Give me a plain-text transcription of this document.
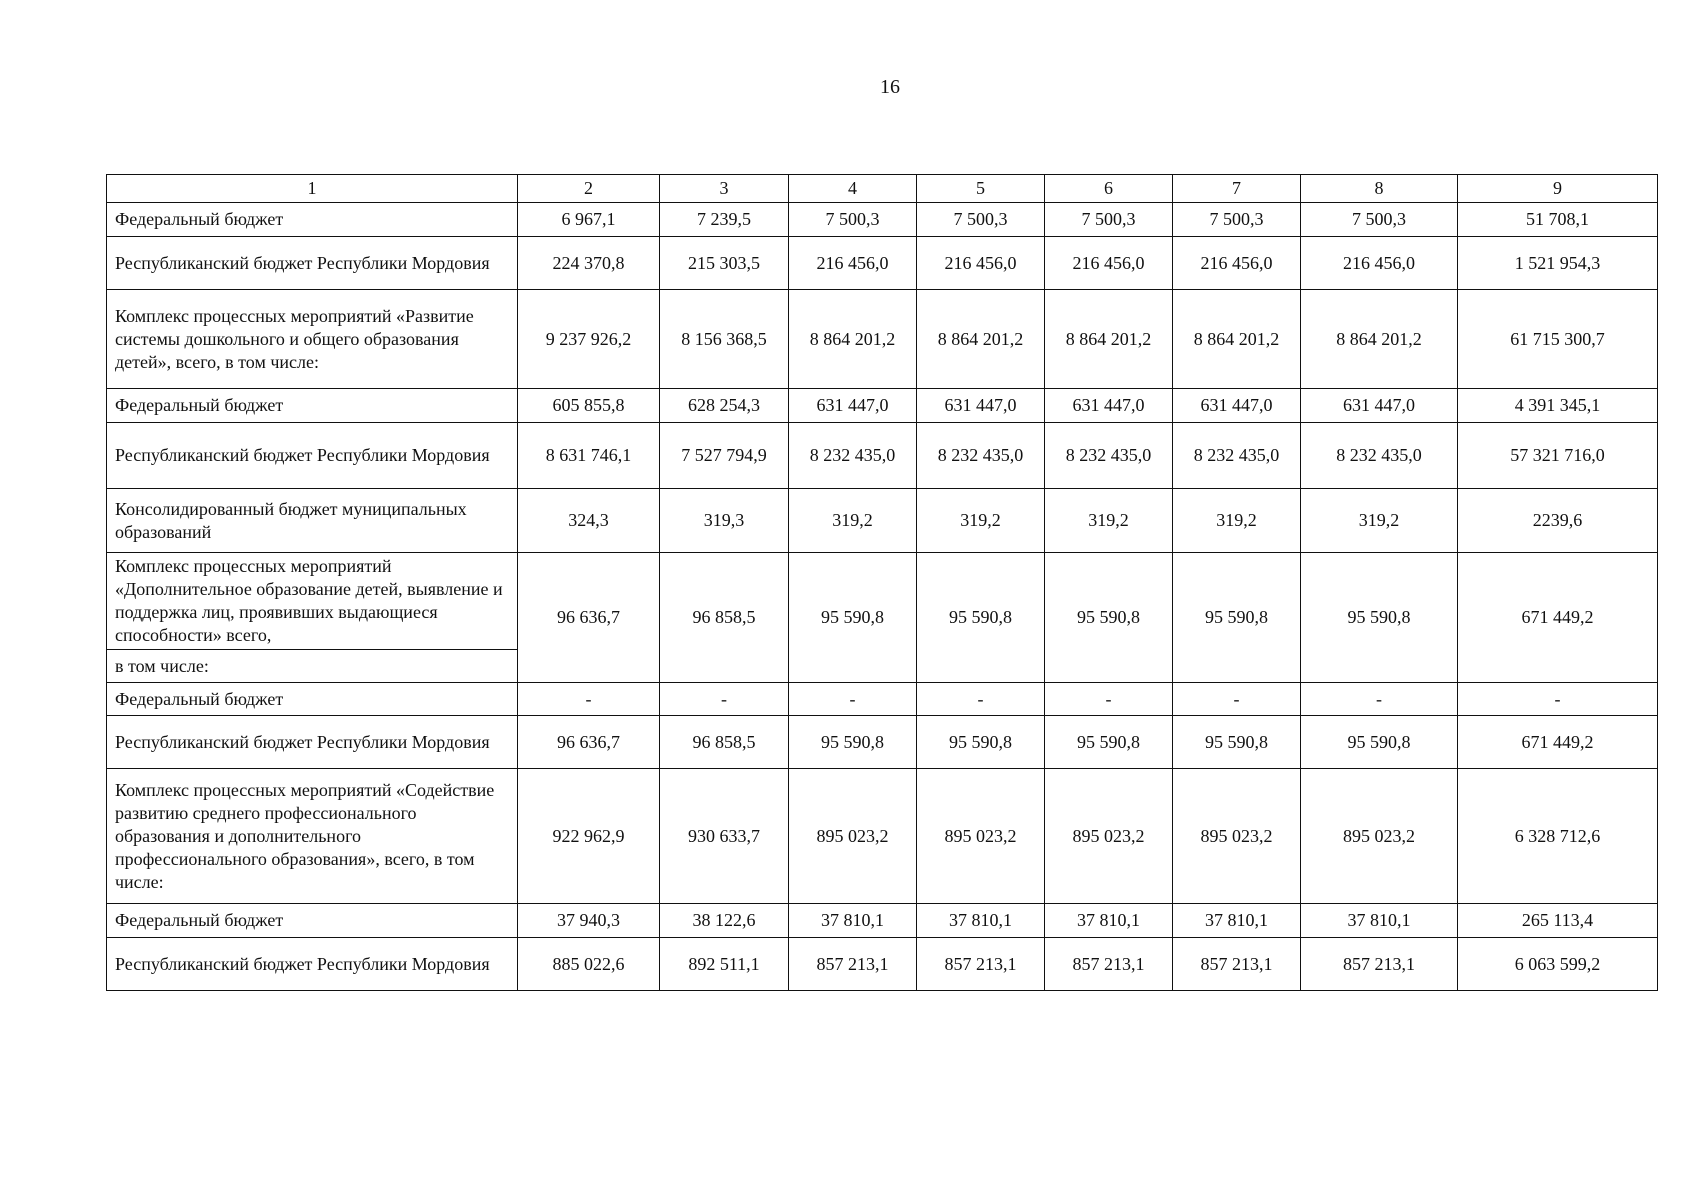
16
1	2	3	4	5	6	7	8	9
Федеральный бюджет	6 967,1	7 239,5	7 500,3	7 500,3	7 500,3	7 500,3	7 500,3	51 708,1
Республиканский бюджет Республики Мордовия	224 370,8	215 303,5	216 456,0	216 456,0	216 456,0	216 456,0	216 456,0	1 521 954,3
Комплекс процессных мероприятий «Развитие системы дошкольного и общего образования детей», всего, в том числе:	9 237 926,2	8 156 368,5	8 864 201,2	8 864 201,2	8 864 201,2	8 864 201,2	8 864 201,2	61 715 300,7
Федеральный бюджет	605 855,8	628 254,3	631 447,0	631 447,0	631 447,0	631 447,0	631 447,0	4 391 345,1
Республиканский бюджет Республики Мордовия	8 631 746,1	7 527 794,9	8 232 435,0	8 232 435,0	8 232 435,0	8 232 435,0	8 232 435,0	57 321 716,0
Консолидированный бюджет муниципальных образований	324,3	319,3	319,2	319,2	319,2	319,2	319,2	2239,6
Комплекс процессных мероприятий «Дополнительное образование детей, выявление и поддержка лиц, проявивших выдающиеся способности» всего,	96 636,7	96 858,5	95 590,8	95 590,8	95 590,8	95 590,8	95 590,8	671 449,2
в том числе:								
Федеральный бюджет	-	-	-	-	-	-	-	-
Республиканский бюджет Республики Мордовия	96 636,7	96 858,5	95 590,8	95 590,8	95 590,8	95 590,8	95 590,8	671 449,2
Комплекс процессных мероприятий «Содействие развитию среднего профессионального образования и дополнительного профессионального образования», всего, в том числе:	922 962,9	930 633,7	895 023,2	895 023,2	895 023,2	895 023,2	895 023,2	6 328 712,6
Федеральный бюджет	37 940,3	38 122,6	37 810,1	37 810,1	37 810,1	37 810,1	37 810,1	265 113,4
Республиканский бюджет Республики Мордовия	885 022,6	892 511,1	857 213,1	857 213,1	857 213,1	857 213,1	857 213,1	6 063 599,2
